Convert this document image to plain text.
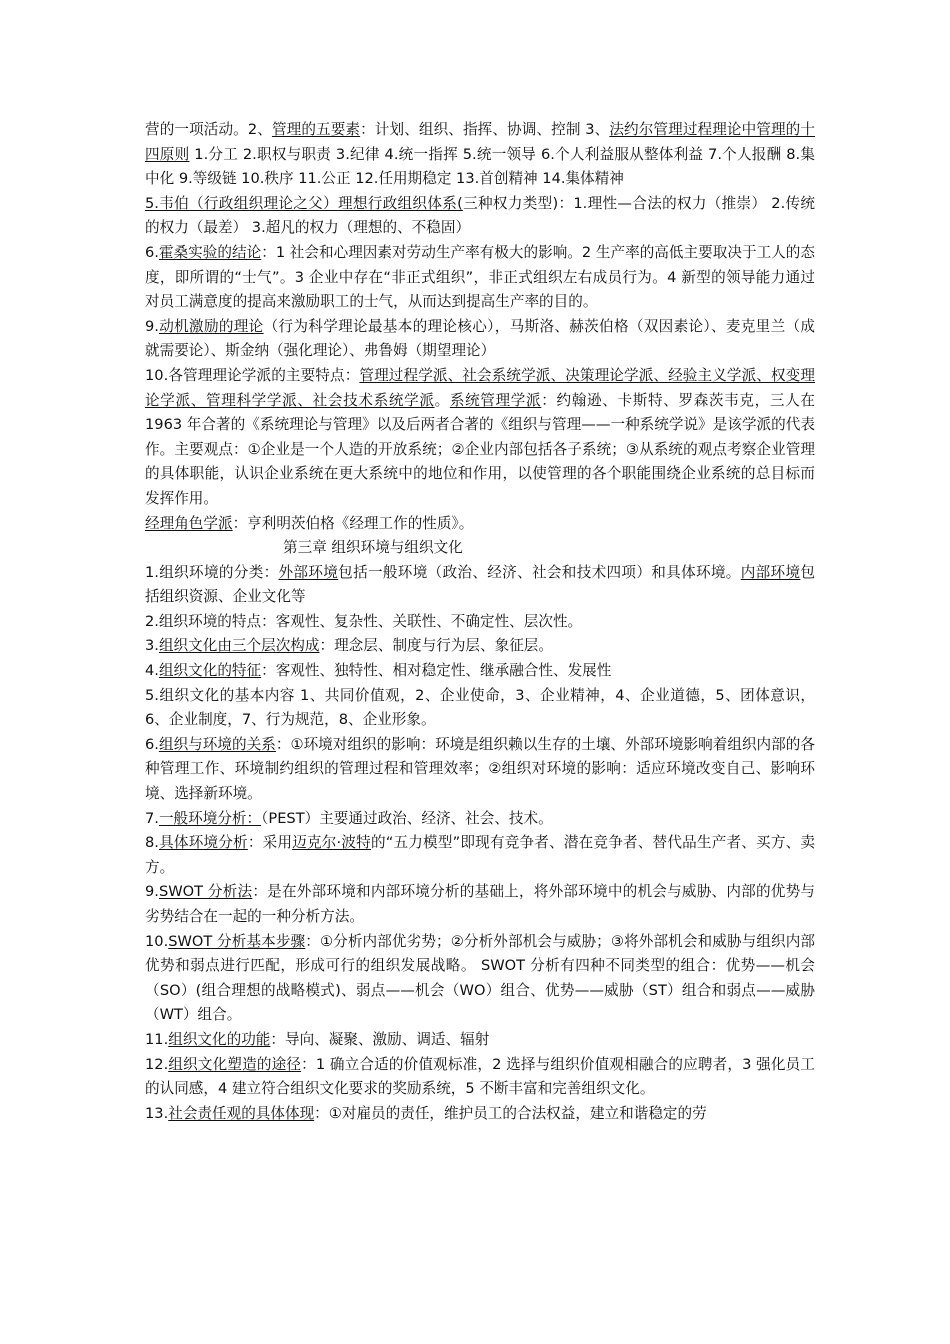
营的一项活动。2、管理的五要素：计划、组织、指挥、协调、控制 3、法约尔管理过程理论中管理的十四原则 1.分工 2.职权与职责 3.纪律 4.统一指挥 5.统一领导 6.个人利益服从整体利益 7.个人报酬 8.集中化 9.等级链 10.秩序 11.公正 12.任用期稳定 13.首创精神 14.集体精神

5.韦伯（行政组织理论之父）理想行政组织体系(三种权力类型)：1.理性—合法的权力（推崇） 2.传统的权力（最差） 3.超凡的权力（理想的、不稳固）

6.霍桑实验的结论：1 社会和心理因素对劳动生产率有极大的影响。2 生产率的高低主要取决于工人的态度，即所谓的“士气”。3 企业中存在“非正式组织”，非正式组织左右成员行为。4 新型的领导能力通过对员工满意度的提高来激励职工的士气，从而达到提高生产率的目的。

9.动机激励的理论（行为科学理论最基本的理论核心），马斯洛、赫茨伯格（双因素论）、麦克里兰（成就需要论）、斯金纳（强化理论）、弗鲁姆（期望理论）

10.各管理理论学派的主要特点：管理过程学派、社会系统学派、决策理论学派、经验主义学派、权变理论学派、管理科学学派、社会技术系统学派。系统管理学派：约翰逊、卡斯特、罗森茨韦克，三人在 1963 年合著的《系统理论与管理》以及后两者合著的《组织与管理——一种系统学说》是该学派的代表作。主要观点：①企业是一个人造的开放系统；②企业内部包括各子系统；③从系统的观点考察企业管理的具体职能，认识企业系统在更大系统中的地位和作用，以使管理的各个职能围绕企业系统的总目标而发挥作用。

经理角色学派：亨利明茨伯格《经理工作的性质》。

第三章 组织环境与组织文化

1.组织环境的分类：外部环境包括一般环境（政治、经济、社会和技术四项）和具体环境。内部环境包括组织资源、企业文化等

2.组织环境的特点：客观性、复杂性、关联性、不确定性、层次性。

3.组织文化由三个层次构成：理念层、制度与行为层、象征层。

4.组织文化的特征：客观性、独特性、相对稳定性、继承融合性、发展性

5.组织文化的基本内容 1、共同价值观，2、企业使命，3、企业精神，4、企业道德，5、团体意识，6、企业制度，7、行为规范，8、企业形象。

6.组织与环境的关系：①环境对组织的影响：环境是组织赖以生存的土壤、外部环境影响着组织内部的各种管理工作、环境制约组织的管理过程和管理效率；②组织对环境的影响：适应环境改变自己、影响环境、选择新环境。

7.一般环境分析：（PEST）主要通过政治、经济、社会、技术。

8.具体环境分析：采用迈克尔·波特的“五力模型”即现有竞争者、潜在竞争者、替代品生产者、买方、卖方。

9.SWOT 分析法：是在外部环境和内部环境分析的基础上，将外部环境中的机会与威胁、内部的优势与劣势结合在一起的一种分析方法。

10.SWOT 分析基本步骤：①分析内部优劣势；②分析外部机会与威胁；③将外部机会和威胁与组织内部优势和弱点进行匹配，形成可行的组织发展战略。 SWOT 分析有四种不同类型的组合：优势——机会（SO）(组合理想的战略模式)、弱点——机会（WO）组合、优势——威胁（ST）组合和弱点——威胁（WT）组合。

11.组织文化的功能：导向、凝聚、激励、调适、辐射

12.组织文化塑造的途径：1 确立合适的价值观标准，2 选择与组织价值观相融合的应聘者，3 强化员工的认同感，4 建立符合组织文化要求的奖励系统，5 不断丰富和完善组织文化。

13.社会责任观的具体体现：①对雇员的责任，维护员工的合法权益，建立和谐稳定的劳
